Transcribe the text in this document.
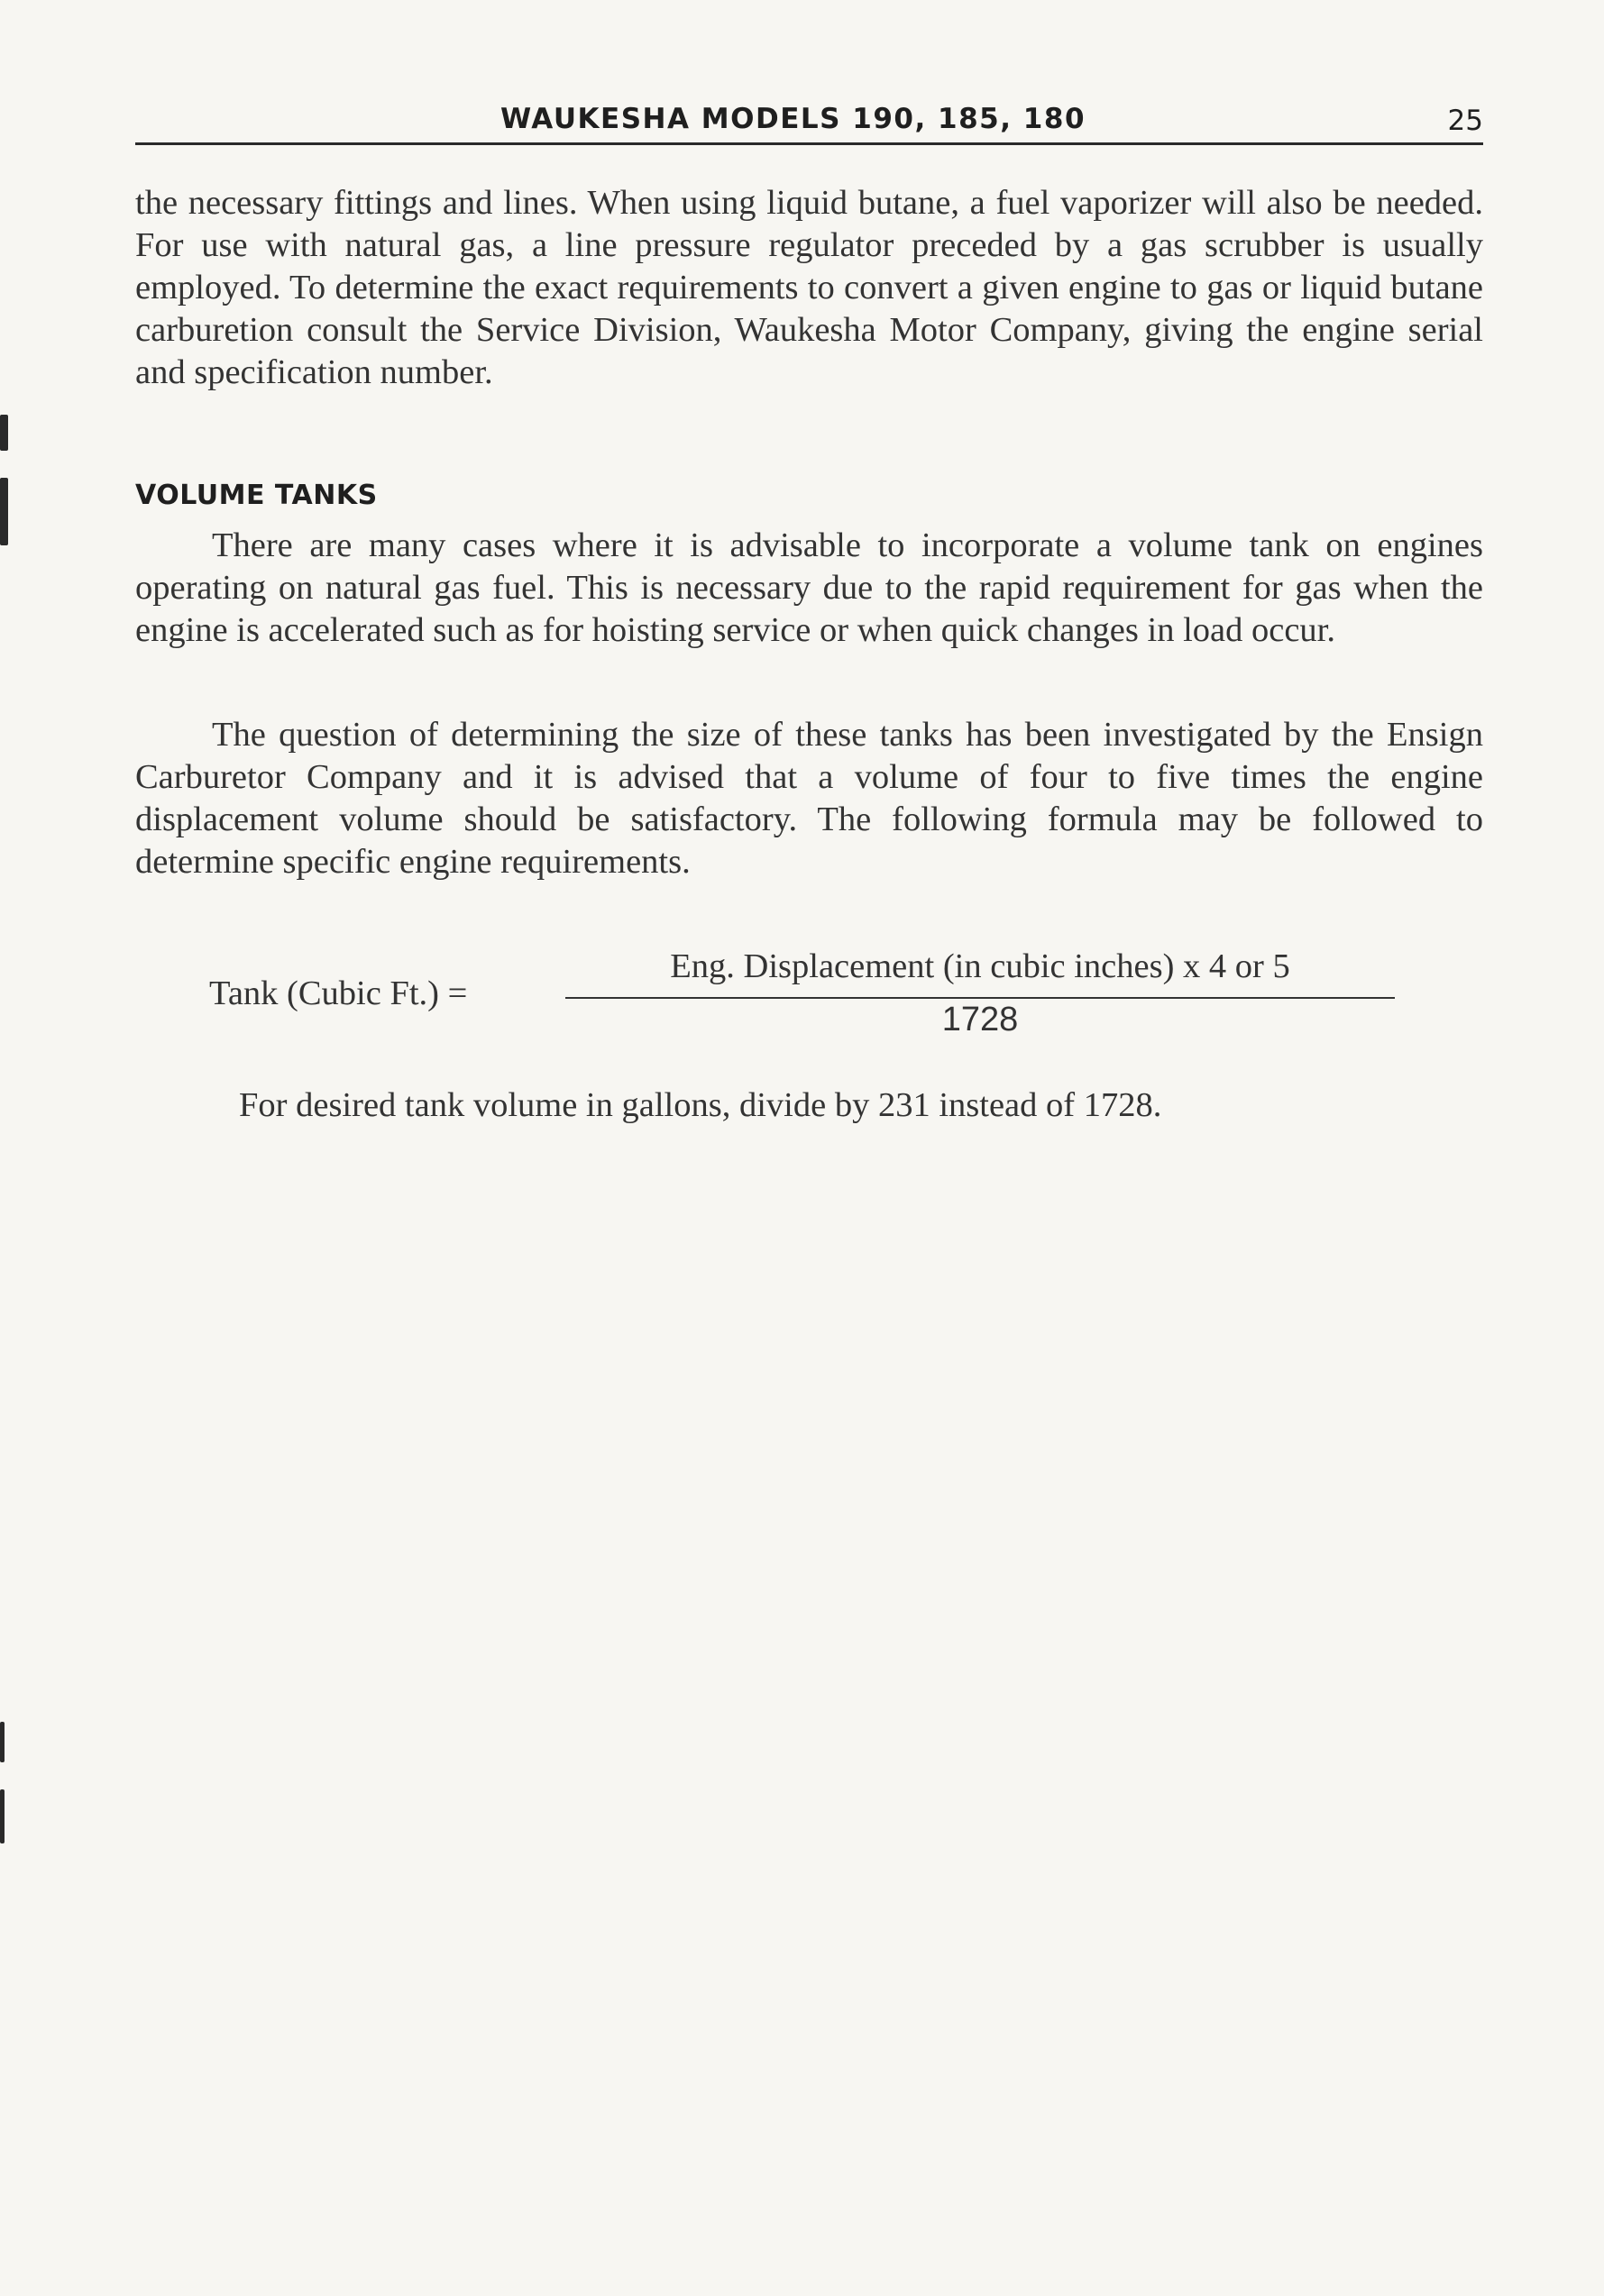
WAUKESHA MODELS 190, 185, 180	25

the necessary fittings and lines. When using liquid butane, a fuel vaporizer will also be needed. For use with natural gas, a line pressure regulator preceded by a gas scrubber is usually employed. To determine the exact requirements to convert a given engine to gas or liquid butane carburetion consult the Service Division, Waukesha Motor Company, giving the engine serial and specification number.

VOLUME TANKS

There are many cases where it is advisable to incorporate a volume tank on engines operating on natural gas fuel. This is necessary due to the rapid requirement for gas when the engine is accelerated such as for hoisting service or when quick changes in load occur.

The question of determining the size of these tanks has been investigated by the Ensign Carburetor Company and it is advised that a volume of four to five times the engine displacement volume should be satisfactory. The following formula may be followed to determine specific engine requirements.

Tank (Cubic Ft.) =
Eng. Displacement (in cubic inches) x 4 or 5
1728

For desired tank volume in gallons, divide by 231 instead of 1728.
